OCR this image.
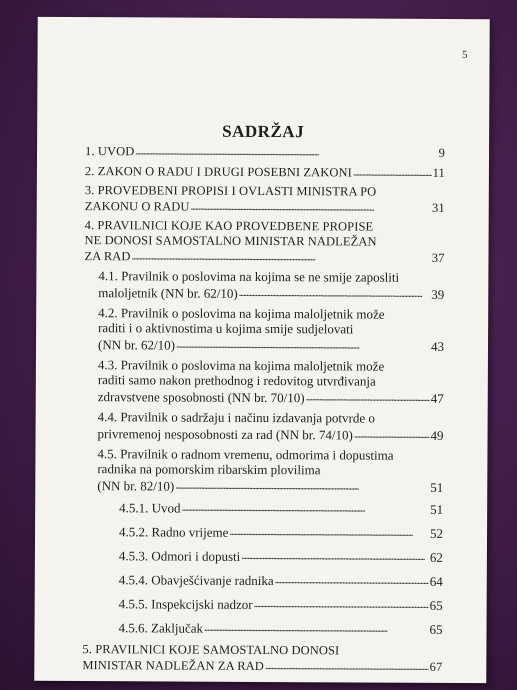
5
SADRŽAJ
1. UVOD . . .	9
2. ZAKON O RADU I DRUGI POSEBNI ZAKONI . . .	11
3. PROVEDBENI PROPISI I OVLASTI MINISTRA PO
ZAKONU O RADU . . .	31
4. PRAVILNICI KOJE KAO PROVEDBENE PROPISE
NE DONOSI SAMOSTALNO MINISTAR NADLEŽAN
ZA RAD . . .	37
4.1. Pravilnik o poslovima na kojima se ne smije zaposliti
maloljetnik (NN br. 62/10) . . .	39
4.2. Pravilnik o poslovima na kojima maloljetnik može
raditi i o aktivnostima u kojima smije sudjelovati
(NN br. 62/10) . . .	43
4.3. Pravilnik o poslovima na kojima maloljetnik može
raditi samo nakon prethodnog i redovitog utvrđivanja
zdravstvene sposobnosti (NN br. 70/10) . . .	47
4.4. Pravilnik o sadržaju i načinu izdavanja potvrde o
privremenoj nesposobnosti za rad (NN br. 74/10) . . .	49
4.5. Pravilnik o radnom vremenu, odmorima i dopustima
radnika na pomorskim ribarskim plovilima
(NN br. 82/10) . . .	51
4.5.1. Uvod . . .	51
4.5.2. Radno vrijeme . . .	52
4.5.3. Odmori i dopusti . . .	62
4.5.4. Obavješćivanje radnika . . .	64
4.5.5. Inspekcijski nadzor . . .	65
4.5.6. Zaključak . . .	65
5. PRAVILNICI KOJE SAMOSTALNO DONOSI
MINISTAR NADLEŽAN ZA RAD . . .	67
